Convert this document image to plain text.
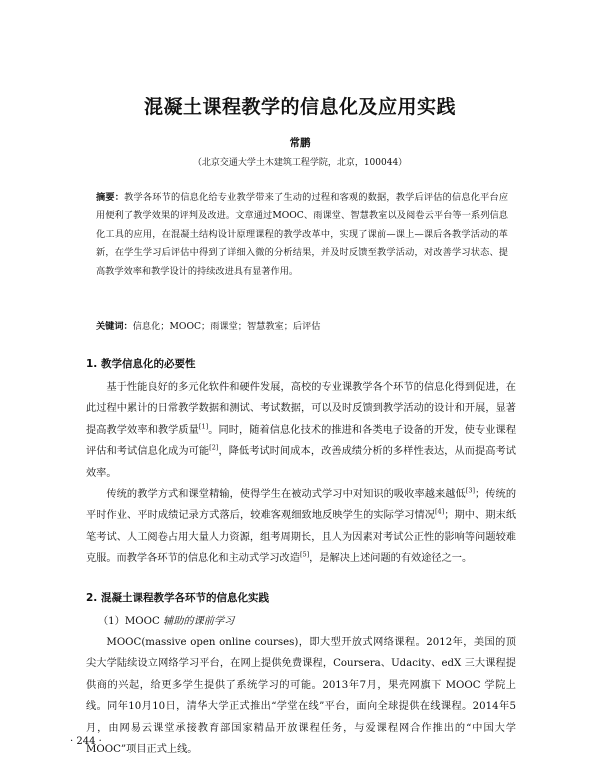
混凝土课程教学的信息化及应用实践
常鹏
（北京交通大学土木建筑工程学院，北京，100044）
摘要：教学各环节的信息化给专业教学带来了生动的过程和客观的数据，教学后评估的信息化平台应用便利了教学效果的评判及改进。文章通过MOOC、雨课堂、智慧教室以及阅卷云平台等一系列信息化工具的应用，在混凝土结构设计原理课程的教学改革中，实现了课前—课上—课后各教学活动的革新，在学生学习后评估中得到了详细入微的分析结果，并及时反馈至教学活动，对改善学习状态、提高教学效率和教学设计的持续改进具有显著作用。
关键词：信息化；MOOC；雨课堂；智慧教室；后评估
1. 教学信息化的必要性
基于性能良好的多元化软件和硬件发展，高校的专业课教学各个环节的信息化得到促进，在此过程中累计的日常教学数据和测试、考试数据，可以及时反馈到教学活动的设计和开展，显著提高教学效率和教学质量[1]。同时，随着信息化技术的推进和各类电子设备的开发，使专业课程评估和考试信息化成为可能[2]，降低考试时间成本，改善成绩分析的多样性表达，从而提高考试效率。
传统的教学方式和课堂精输，使得学生在被动式学习中对知识的吸收率越来越低[3]；传统的平时作业、平时成绩记录方式落后，较难客观细致地反映学生的实际学习情况[4]；期中、期末纸笔考试、人工阅卷占用大量人力资源，组考周期长，且人为因素对考试公正性的影响等问题较难克服。而教学各环节的信息化和主动式学习改造[5]，是解决上述问题的有效途径之一。
2. 混凝土课程教学各环节的信息化实践
（1）MOOC 辅助的课前学习
MOOC(massive open online courses)，即大型开放式网络课程。2012年，美国的顶尖大学陆续设立网络学习平台，在网上提供免费课程，Coursera、Udacity、edX 三大课程提供商的兴起，给更多学生提供了系统学习的可能。2013年7月，果壳网旗下 MOOC 学院上线。同年10月10日，清华大学正式推出“学堂在线”平台，面向全球提供在线课程。2014年5月，由网易云课堂承接教育部国家精品开放课程任务，与爱课程网合作推出的“中国大学 MOOC”项目正式上线。
· 244 ·
